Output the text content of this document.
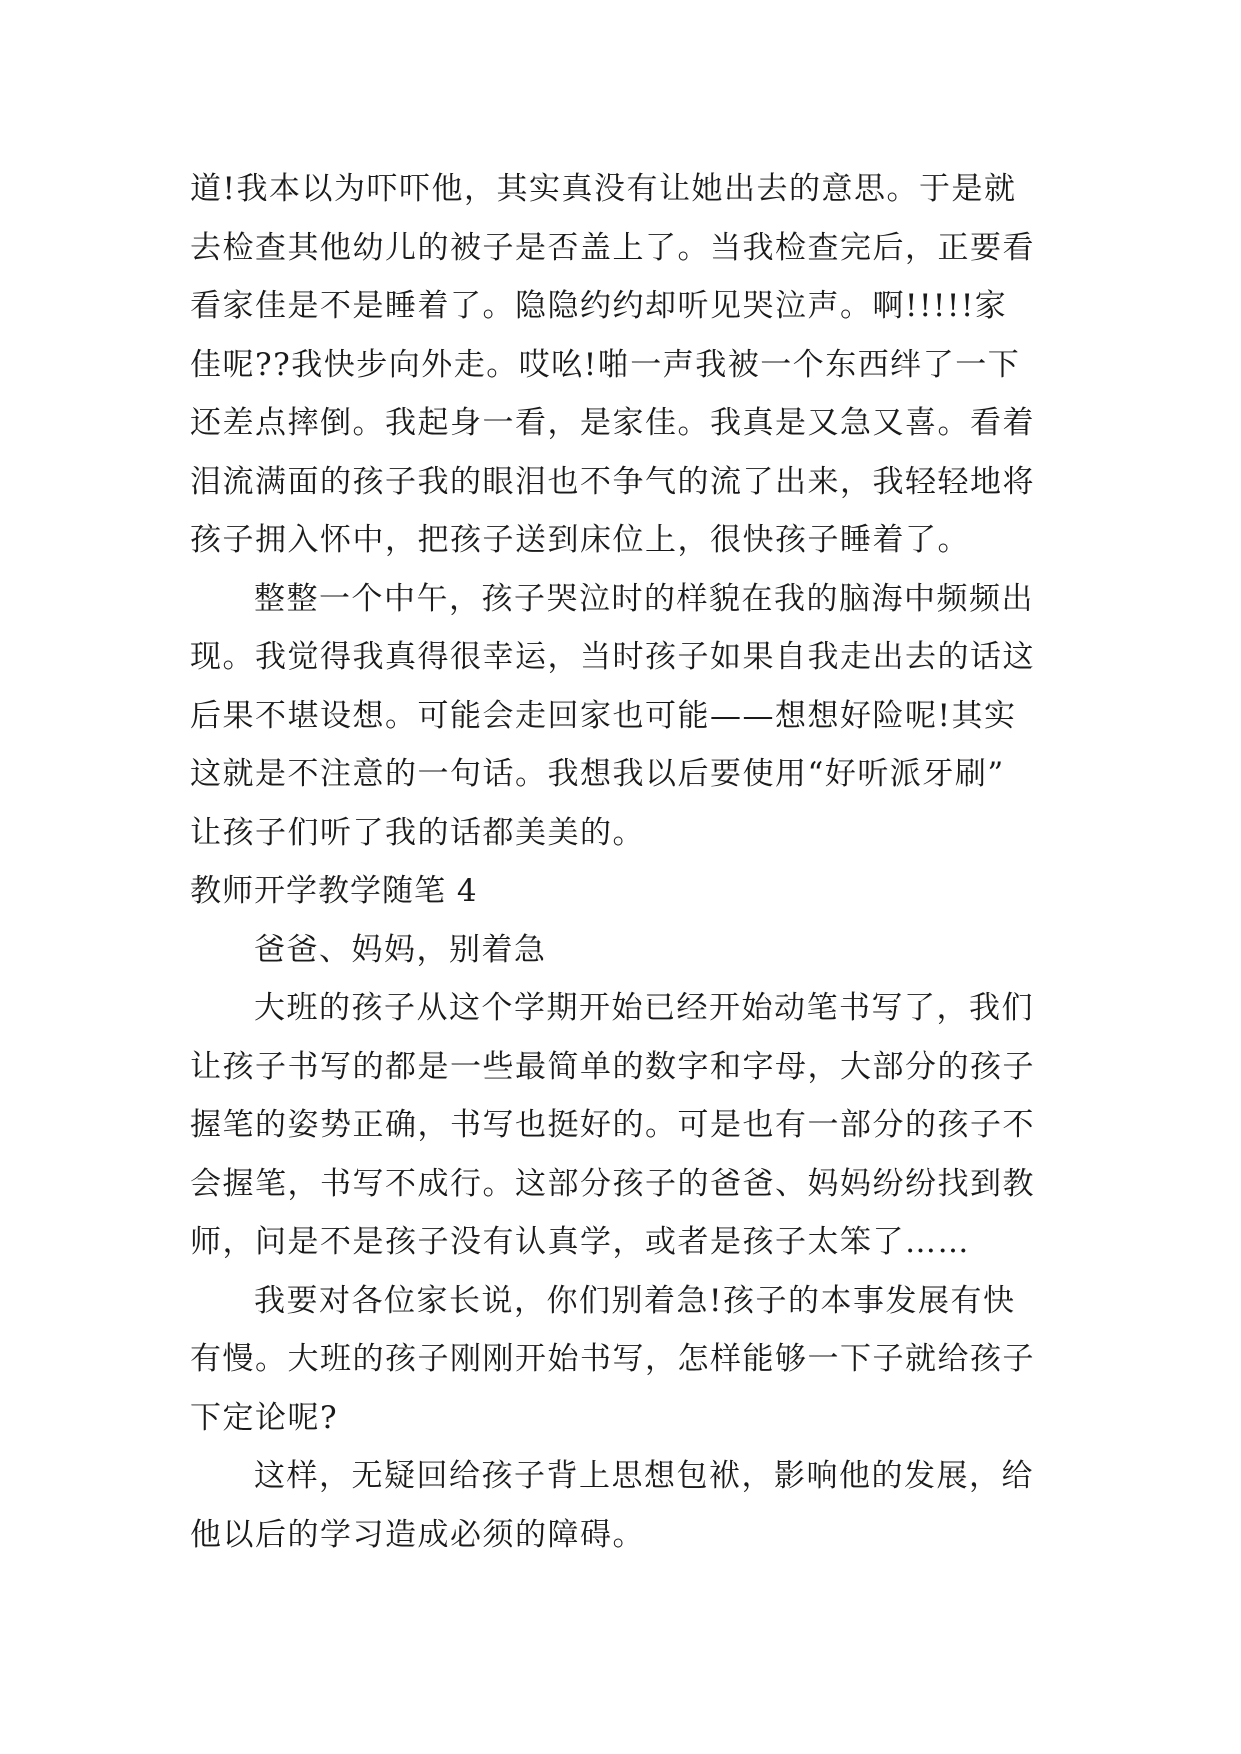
道!我本以为吓吓他，其实真没有让她出去的意思。于是就
去检查其他幼儿的被子是否盖上了。当我检查完后，正要看
看家佳是不是睡着了。隐隐约约却听见哭泣声。啊!!!!!家
佳呢??我快步向外走。哎吆!啪一声我被一个东西绊了一下
还差点摔倒。我起身一看，是家佳。我真是又急又喜。看着
泪流满面的孩子我的眼泪也不争气的流了出来，我轻轻地将
孩子拥入怀中，把孩子送到床位上，很快孩子睡着了。
整整一个中午，孩子哭泣时的样貌在我的脑海中频频出
现。我觉得我真得很幸运，当时孩子如果自我走出去的话这
后果不堪设想。可能会走回家也可能——想想好险呢!其实
这就是不注意的一句话。我想我以后要使用“好听派牙刷”
让孩子们听了我的话都美美的。
教师开学教学随笔 4
爸爸、妈妈，别着急
大班的孩子从这个学期开始已经开始动笔书写了，我们
让孩子书写的都是一些最简单的数字和字母，大部分的孩子
握笔的姿势正确，书写也挺好的。可是也有一部分的孩子不
会握笔，书写不成行。这部分孩子的爸爸、妈妈纷纷找到教
师，问是不是孩子没有认真学，或者是孩子太笨了……
我要对各位家长说，你们别着急!孩子的本事发展有快
有慢。大班的孩子刚刚开始书写，怎样能够一下子就给孩子
下定论呢?
这样，无疑回给孩子背上思想包袱，影响他的发展，给
他以后的学习造成必须的障碍。
